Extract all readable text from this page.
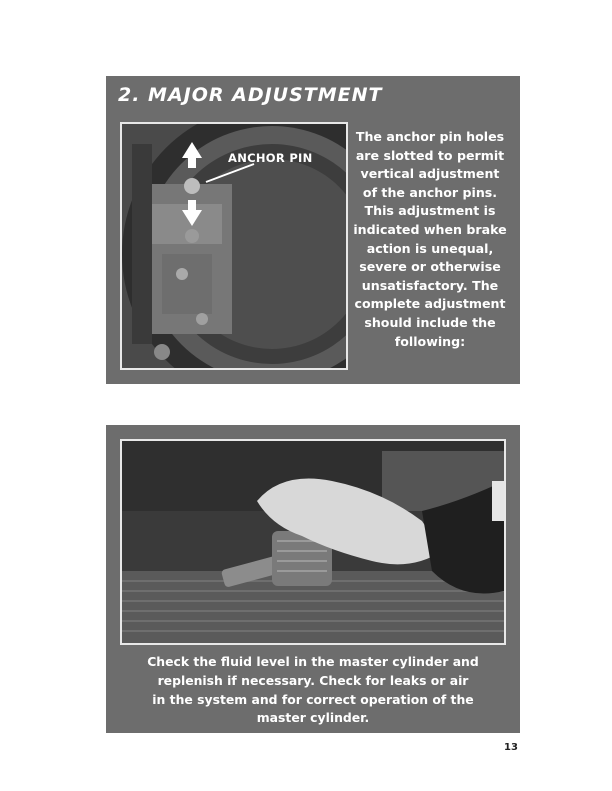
2. MAJOR ADJUSTMENT
ANCHOR PIN
The anchor pin holes
are slotted to permit
vertical adjustment
of the anchor pins.
This adjustment is
indicated when brake
action is unequal,
severe or otherwise
unsatisfactory. The
complete adjustment
should include the
following:
Check the fluid level in the master cylinder and
replenish if necessary. Check for leaks or air
in the system and for correct operation of the
master cylinder.
13
